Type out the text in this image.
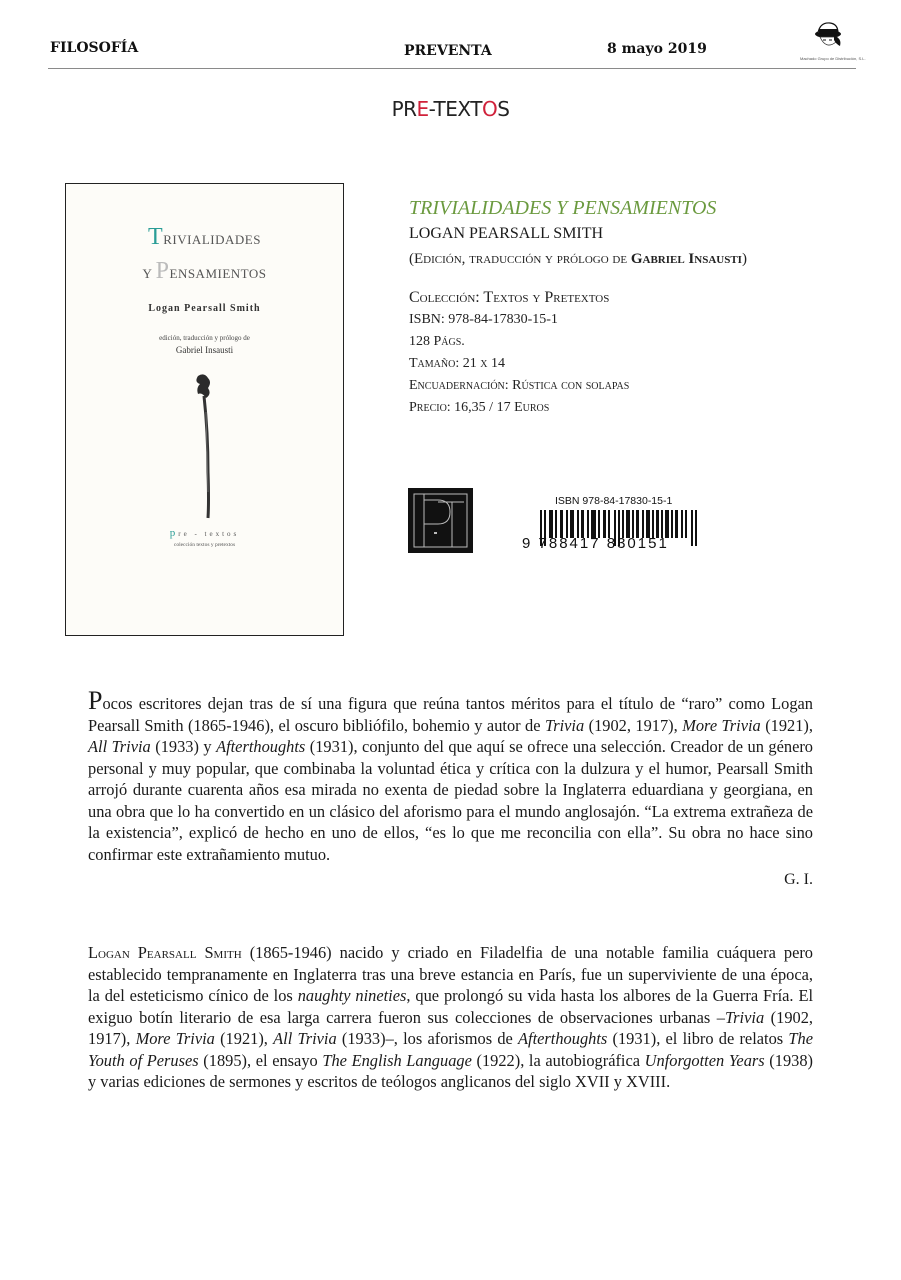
FILOSOFÍA	PREVENTA	8 mayo 2019
Machado Grupo de Distribución, S.L.
PRE-TEXTOS
TRIVIALIDADES
Y PENSAMIENTOS
Logan Pearsall Smith
edición, traducción y prólogo de
Gabriel Insausti
pre - textos
colección textos y pretextos
TRIVIALIDADES Y PENSAMIENTOS
LOGAN PEARSALL SMITH
(Edición, traducción y prólogo de Gabriel Insausti)
Colección: Textos y Pretextos
ISBN: 978-84-17830-15-1
128 Págs.
Tamaño: 21 x 14
Encuadernación: Rústica con solapas
Precio: 16,35 / 17 Euros
ISBN 978-84-17830-15-1
9 788417 830151
Pocos escritores dejan tras de sí una figura que reúna tantos méritos para el título de “raro” como Logan Pearsall Smith (1865-1946), el oscuro bibliófilo, bohemio y autor de Trivia (1902, 1917), More Trivia (1921), All Trivia (1933) y Afterthoughts (1931), conjunto del que aquí se ofrece una selección. Creador de un género personal y muy popular, que combinaba la voluntad ética y crítica con la dulzura y el humor, Pearsall Smith arrojó durante cuarenta años esa mirada no exenta de piedad sobre la Inglaterra eduardiana y georgiana, en una obra que lo ha convertido en un clásico del aforismo para el mundo anglosajón. “La extrema extrañeza de la existencia”, explicó de hecho en uno de ellos, “es lo que me reconcilia con ella”. Su obra no hace sino confirmar este extrañamiento mutuo.
G. I.
Logan Pearsall Smith (1865-1946) nacido y criado en Filadelfia de una notable familia cuáquera pero establecido tempranamente en Inglaterra tras una breve estancia en París, fue un superviviente de una época, la del esteticismo cínico de los naughty nineties, que prolongó su vida hasta los albores de la Guerra Fría. El exiguo botín literario de esa larga carrera fueron sus colecciones de observaciones urbanas –Trivia (1902, 1917), More Trivia (1921), All Trivia (1933)–, los aforismos de Afterthoughts (1931), el libro de relatos The Youth of Peruses (1895), el ensayo The English Language (1922), la autobiográfica Unforgotten Years (1938) y varias ediciones de sermones y escritos de teólogos anglicanos del siglo XVII y XVIII.
